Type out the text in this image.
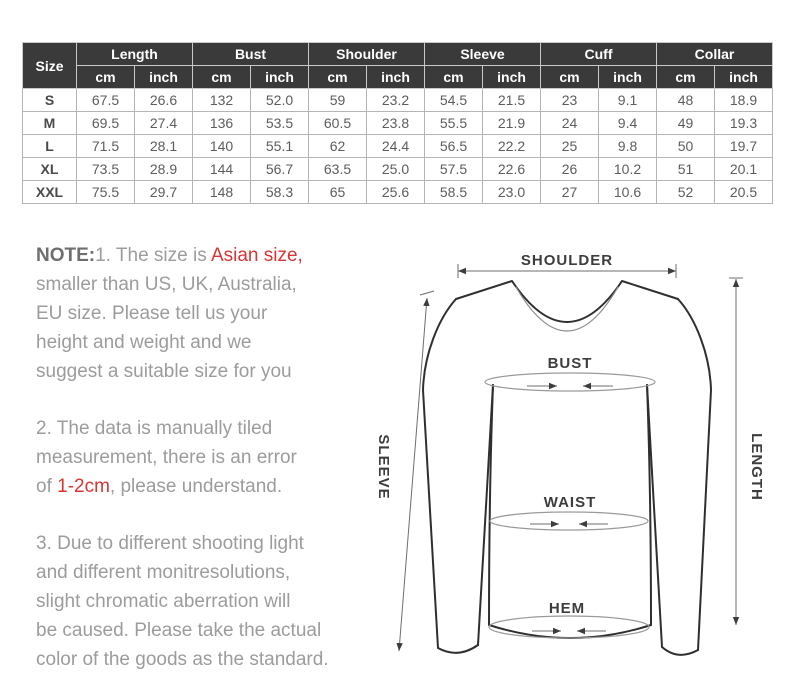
Size	Length		Bust		Shoulder		Sleeve		Cuff		Collar	
	cm	inch	cm	inch	cm	inch	cm	inch	cm	inch	cm	inch
S	67.5	26.6	132	52.0	59	23.2	54.5	21.5	23	9.1	48	18.9
M	69.5	27.4	136	53.5	60.5	23.8	55.5	21.9	24	9.4	49	19.3
L	71.5	28.1	140	55.1	62	24.4	56.5	22.2	25	9.8	50	19.7
XL	73.5	28.9	144	56.7	63.5	25.0	57.5	22.6	26	10.2	51	20.1
XXL	75.5	29.7	148	58.3	65	25.6	58.5	23.0	27	10.6	52	20.5

NOTE:1. The size is Asian size,

smaller than US, UK, Australia,

EU size. Please tell us your

height and weight and we

suggest a suitable size for you

2. The data is manually tiled

measurement, there is an error

of 1-2cm, please understand.

3. Due to different shooting light

and different monitresolutions,

slight chromatic aberration will

be caused. Please take the actual

color of the goods as the standard.

SHOULDER
BUST
WAIST
HEM
SLEEVE	LENGTH
